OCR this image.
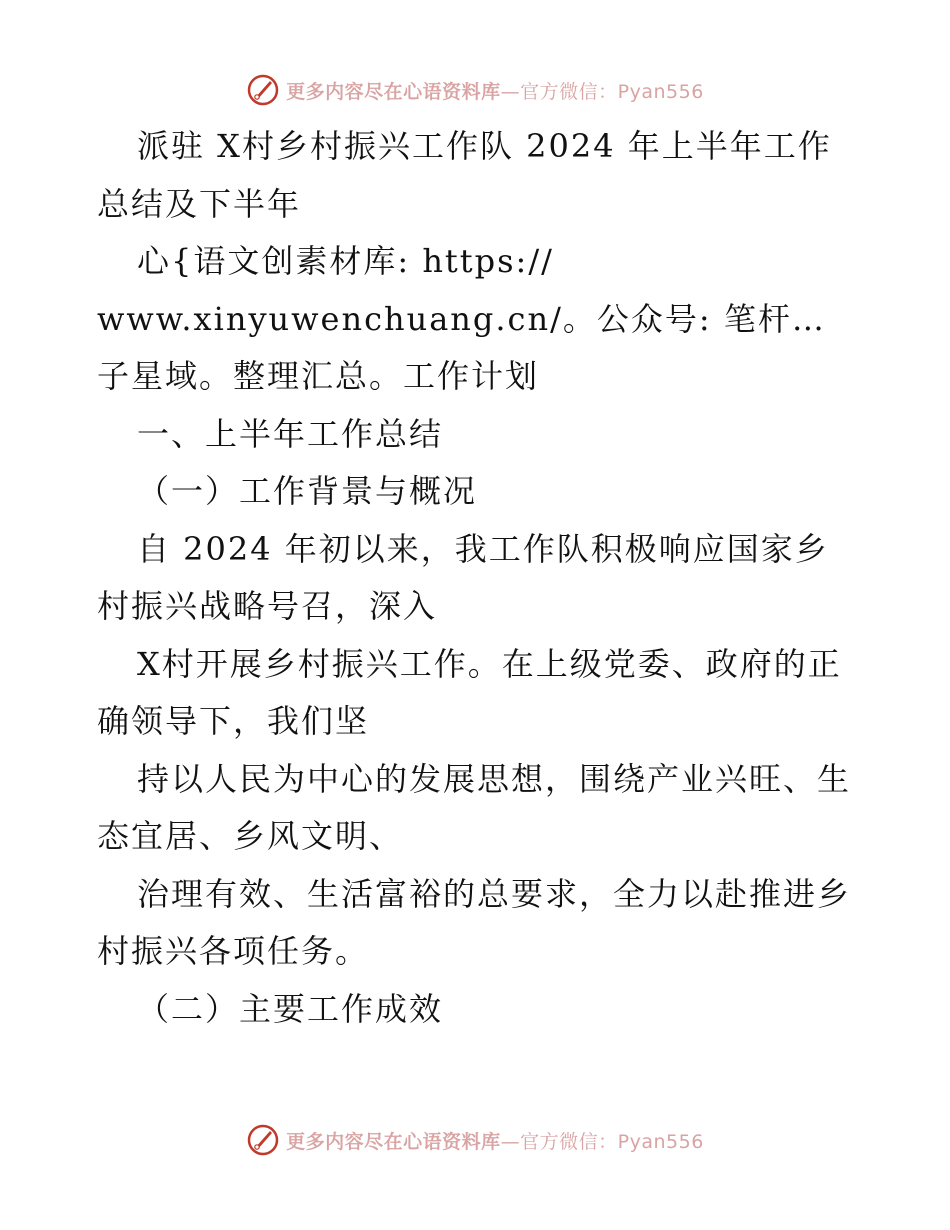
更多内容尽在心语资料库—官方微信：Pyan556

派驻 X村乡村振兴工作队 2024 年上半年工作总结及下半年

心{语文创素材库: https://

www.xinyuwenchuang.cn/。公众号: 笔杆…子星域。整理汇总。工作计划

一、上半年工作总结

（一）工作背景与概况

自 2024 年初以来，我工作队积极响应国家乡村振兴战略号召，深入

X村开展乡村振兴工作。在上级党委、政府的正确领导下，我们坚

持以人民为中心的发展思想，围绕产业兴旺、生态宜居、乡风文明、

治理有效、生活富裕的总要求，全力以赴推进乡村振兴各项任务。

（二）主要工作成效

更多内容尽在心语资料库—官方微信：Pyan556
